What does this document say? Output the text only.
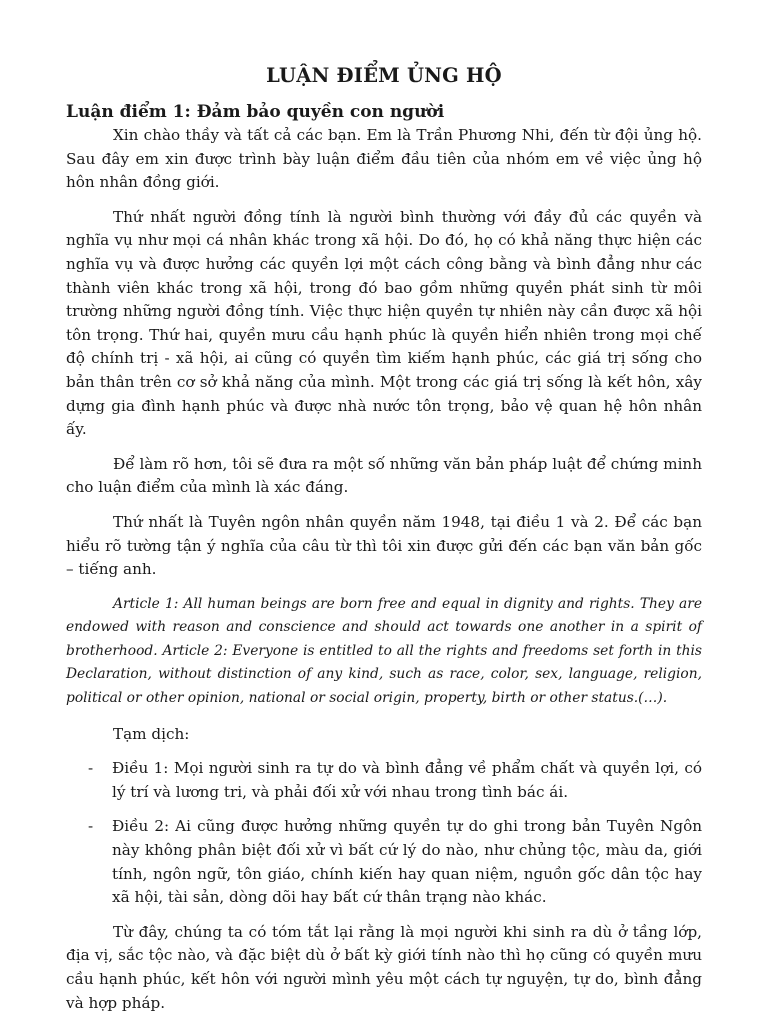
LUẬN ĐIỂM ỦNG HỘ
Luận điểm 1: Đảm bảo quyền con người

Xin chào thầy và tất cả các bạn. Em là Trần Phương Nhi, đến từ đội ủng hộ. Sau đây em xin được trình bày luận điểm đầu tiên của nhóm em về việc ủng hộ hôn nhân đồng giới.

Thứ nhất người đồng tính là người bình thường với đầy đủ các quyền và nghĩa vụ như mọi cá nhân khác trong xã hội. Do đó, họ có khả năng thực hiện các nghĩa vụ và được hưởng các quyền lợi một cách công bằng và bình đẳng như các thành viên khác trong xã hội, trong đó bao gồm những quyền phát sinh từ môi trường những người đồng tính. Việc thực hiện quyền tự nhiên này cần được xã hội tôn trọng. Thứ hai, quyền mưu cầu hạnh phúc là quyền hiển nhiên trong mọi chế độ chính trị - xã hội, ai cũng có quyền tìm kiếm hạnh phúc, các giá trị sống cho bản thân trên cơ sở khả năng của mình. Một trong các giá trị sống là kết hôn, xây dựng gia đình hạnh phúc và được nhà nước tôn trọng, bảo vệ quan hệ hôn nhân ấy.

Để làm rõ hơn, tôi sẽ đưa ra một số những văn bản pháp luật để chứng minh cho luận điểm của mình là xác đáng.

Thứ nhất là Tuyên ngôn nhân quyền năm 1948, tại điều 1 và 2. Để các bạn hiểu rõ tường tận ý nghĩa của câu từ thì tôi xin được gửi đến các bạn văn bản gốc – tiếng anh.

Article 1: All human beings are born free and equal in dignity and rights. They are endowed with reason and conscience and should act towards one another in a spirit of brotherhood. Article 2: Everyone is entitled to all the rights and freedoms set forth in this Declaration, without distinction of any kind, such as race, color, sex, language, religion, political or other opinion, national or social origin, property, birth or other status.(…).

Tạm dịch:

- Điều 1: Mọi người sinh ra tự do và bình đẳng về phẩm chất và quyền lợi, có lý trí và lương tri, và phải đối xử với nhau trong tình bác ái.
- Điều 2: Ai cũng được hưởng những quyền tự do ghi trong bản Tuyên Ngôn này không phân biệt đối xử vì bất cứ lý do nào, như chủng tộc, màu da, giới tính, ngôn ngữ, tôn giáo, chính kiến hay quan niệm, nguồn gốc dân tộc hay xã hội, tài sản, dòng dõi hay bất cứ thân trạng nào khác.

Từ đây, chúng ta có tóm tắt lại rằng là mọi người khi sinh ra dù ở tầng lớp, địa vị, sắc tộc nào, và đặc biệt dù ở bất kỳ giới tính nào thì họ cũng có quyền mưu cầu hạnh phúc, kết hôn với người mình yêu một cách tự nguyện, tự do, bình đẳng và hợp pháp.
